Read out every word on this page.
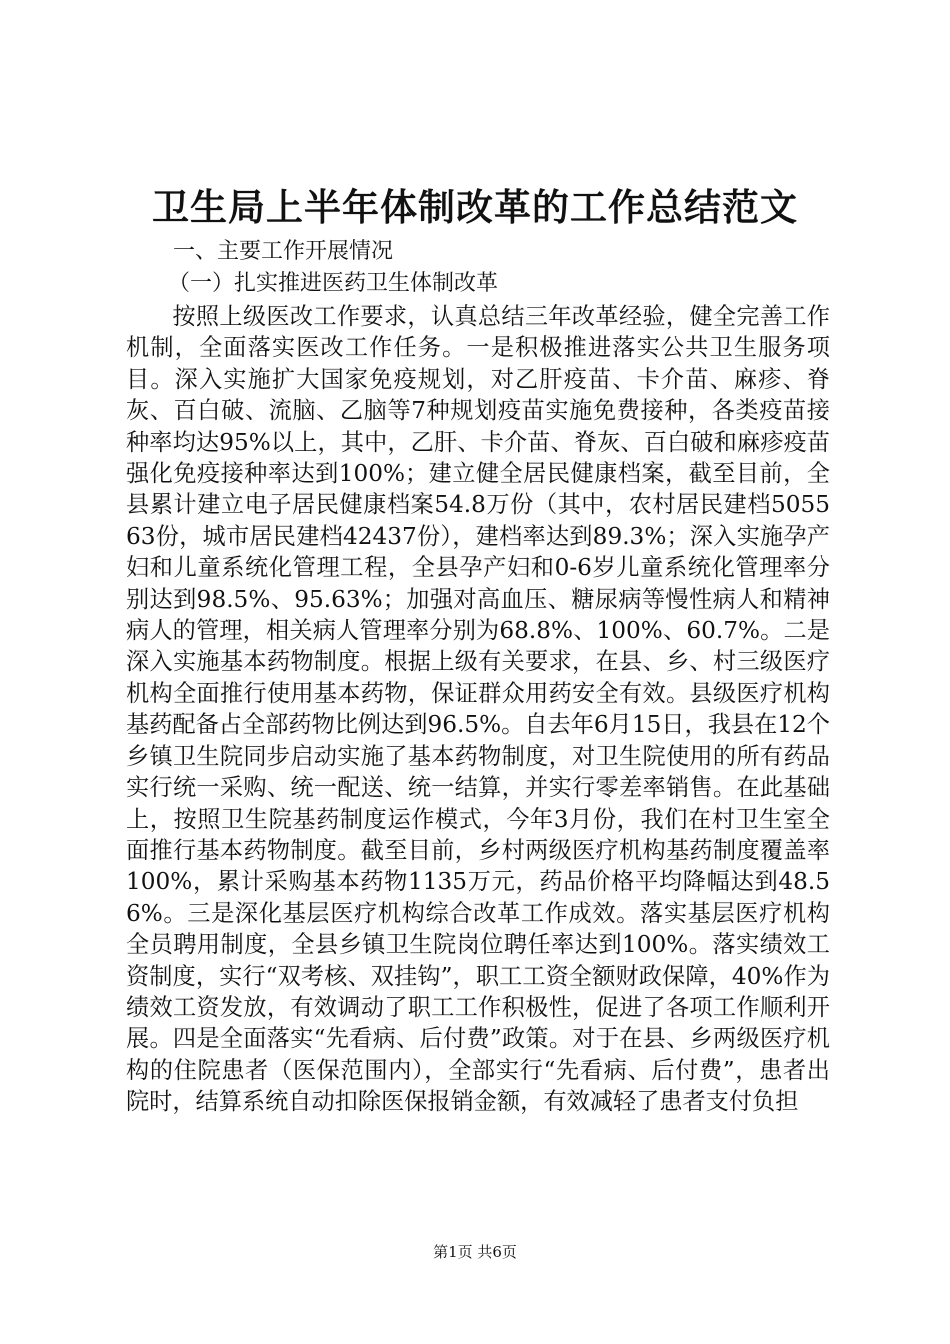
卫生局上半年体制改革的工作总结范文
一、主要工作开展情况
（一）扎实推进医药卫生体制改革

按照上级医改工作要求，认真总结三年改革经验，健全完善工作机制，全面落实医改工作任务。一是积极推进落实公共卫生服务项目。深入实施扩大国家免疫规划，对乙肝疫苗、卡介苗、麻疹、脊灰、百白破、流脑、乙脑等7种规划疫苗实施免费接种，各类疫苗接种率均达95%以上，其中，乙肝、卡介苗、脊灰、百白破和麻疹疫苗强化免疫接种率达到100%；建立健全居民健康档案，截至目前，全县累计建立电子居民健康档案54.8万份（其中，农村居民建档505563份，城市居民建档42437份），建档率达到89.3%；深入实施孕产妇和儿童系统化管理工程，全县孕产妇和0-6岁儿童系统化管理率分别达到98.5%、95.63%；加强对高血压、糖尿病等慢性病人和精神病人的管理，相关病人管理率分别为68.8%、100%、60.7%。二是深入实施基本药物制度。根据上级有关要求，在县、乡、村三级医疗机构全面推行使用基本药物，保证群众用药安全有效。县级医疗机构基药配备占全部药物比例达到96.5%。自去年6月15日，我县在12个乡镇卫生院同步启动实施了基本药物制度，对卫生院使用的所有药品实行统一采购、统一配送、统一结算，并实行零差率销售。在此基础上，按照卫生院基药制度运作模式，今年3月份，我们在村卫生室全面推行基本药物制度。截至目前，乡村两级医疗机构基药制度覆盖率100%，累计采购基本药物1135万元，药品价格平均降幅达到48.56%。三是深化基层医疗机构综合改革工作成效。落实基层医疗机构全员聘用制度，全县乡镇卫生院岗位聘任率达到100%。落实绩效工资制度，实行“双考核、双挂钩”，职工工资全额财政保障，40%作为绩效工资发放，有效调动了职工工作积极性，促进了各项工作顺利开展。四是全面落实“先看病、后付费”政策。对于在县、乡两级医疗机构的住院患者（医保范围内），全部实行“先看病、后付费”，患者出院时，结算系统自动扣除医保报销金额，有效减轻了患者支付负担

第1页 共6页
